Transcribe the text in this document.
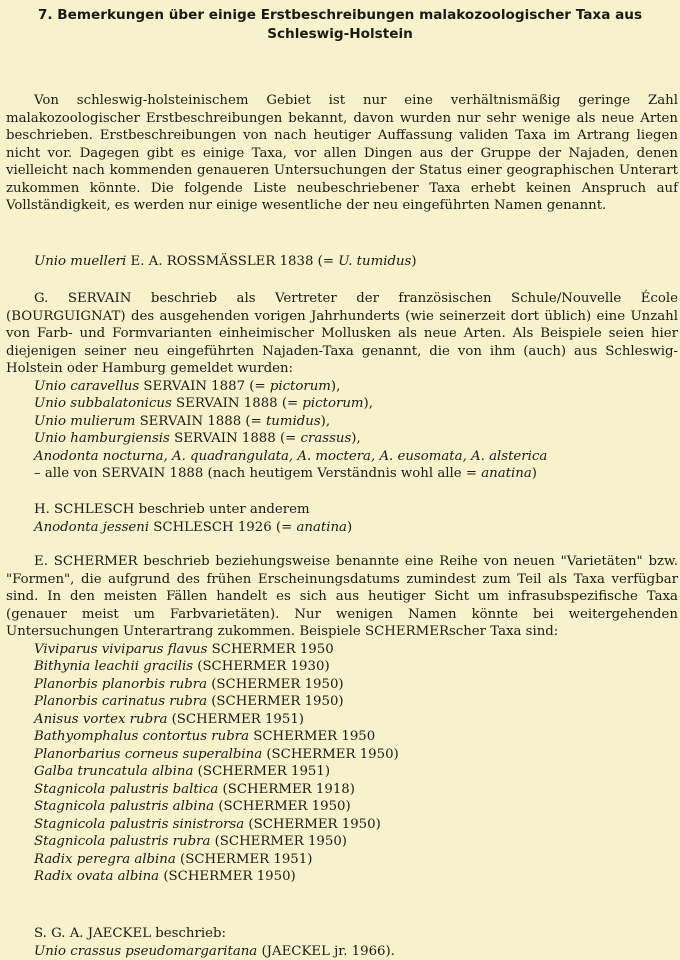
7. Bemerkungen über einige Erstbeschreibungen malakozoologischer Taxa aus
Schleswig-Holstein

Von schleswig-holsteinischem Gebiet ist nur eine verhältnismäßig geringe Zahl malakozoologischer Erstbeschreibungen bekannt, davon wurden nur sehr wenige als neue Arten beschrieben. Erstbeschreibungen von nach heutiger Auffassung validen Taxa im Artrang liegen nicht vor. Dagegen gibt es einige Taxa, vor allen Dingen aus der Gruppe der Najaden, denen vielleicht nach kommenden genaueren Untersuchungen der Status einer geographischen Unterart zukommen könnte. Die folgende Liste neubeschriebener Taxa erhebt keinen Anspruch auf Vollständigkeit, es werden nur einige wesentliche der neu eingeführten Namen genannt.

Unio muelleri E. A. ROSSMÄSSLER 1838 (= U. tumidus)

G. SERVAIN beschrieb als Vertreter der französischen Schule/Nouvelle École (BOURGUIGNAT) des ausgehenden vorigen Jahrhunderts (wie seinerzeit dort üblich) eine Unzahl von Farb- und Formvarianten einheimischer Mollusken als neue Arten. Als Beispiele seien hier diejenigen seiner neu eingeführten Najaden-Taxa genannt, die von ihm (auch) aus Schleswig-Holstein oder Hamburg gemeldet wurden:

Unio caravellus SERVAIN 1887 (= pictorum),

Unio subbalatonicus SERVAIN 1888 (= pictorum),

Unio mulierum SERVAIN 1888 (= tumidus),

Unio hamburgiensis SERVAIN 1888 (= crassus),

Anodonta nocturna, A. quadrangulata, A. moctera, A. eusomata, A. alsterica

– alle von SERVAIN 1888 (nach heutigem Verständnis wohl alle = anatina)

H. SCHLESCH beschrieb unter anderem

Anodonta jesseni SCHLESCH 1926 (= anatina)

E. SCHERMER beschrieb beziehungsweise benannte eine Reihe von neuen "Varietäten" bzw. "Formen", die aufgrund des frühen Erscheinungsdatums zumindest zum Teil als Taxa verfügbar sind. In den meisten Fällen handelt es sich aus heutiger Sicht um infrasubspezifische Taxa (genauer meist um Farbvarietäten). Nur wenigen Namen könnte bei weitergehenden Untersuchungen Unterartrang zukommen. Beispiele SCHERMERscher Taxa sind:

Viviparus viviparus flavus SCHERMER 1950

Bithynia leachii gracilis (SCHERMER 1930)

Planorbis planorbis rubra (SCHERMER 1950)

Planorbis carinatus rubra (SCHERMER 1950)

Anisus vortex rubra (SCHERMER 1951)

Bathyomphalus contortus rubra SCHERMER 1950

Planorbarius corneus superalbina (SCHERMER 1950)

Galba truncatula albina (SCHERMER 1951)

Stagnicola palustris baltica (SCHERMER 1918)

Stagnicola palustris albina (SCHERMER 1950)

Stagnicola palustris sinistrorsa (SCHERMER 1950)

Stagnicola palustris rubra (SCHERMER 1950)

Radix peregra albina (SCHERMER 1951)

Radix ovata albina (SCHERMER 1950)

S. G. A. JAECKEL beschrieb:

Unio crassus pseudomargaritana (JAECKEL jr. 1966).
